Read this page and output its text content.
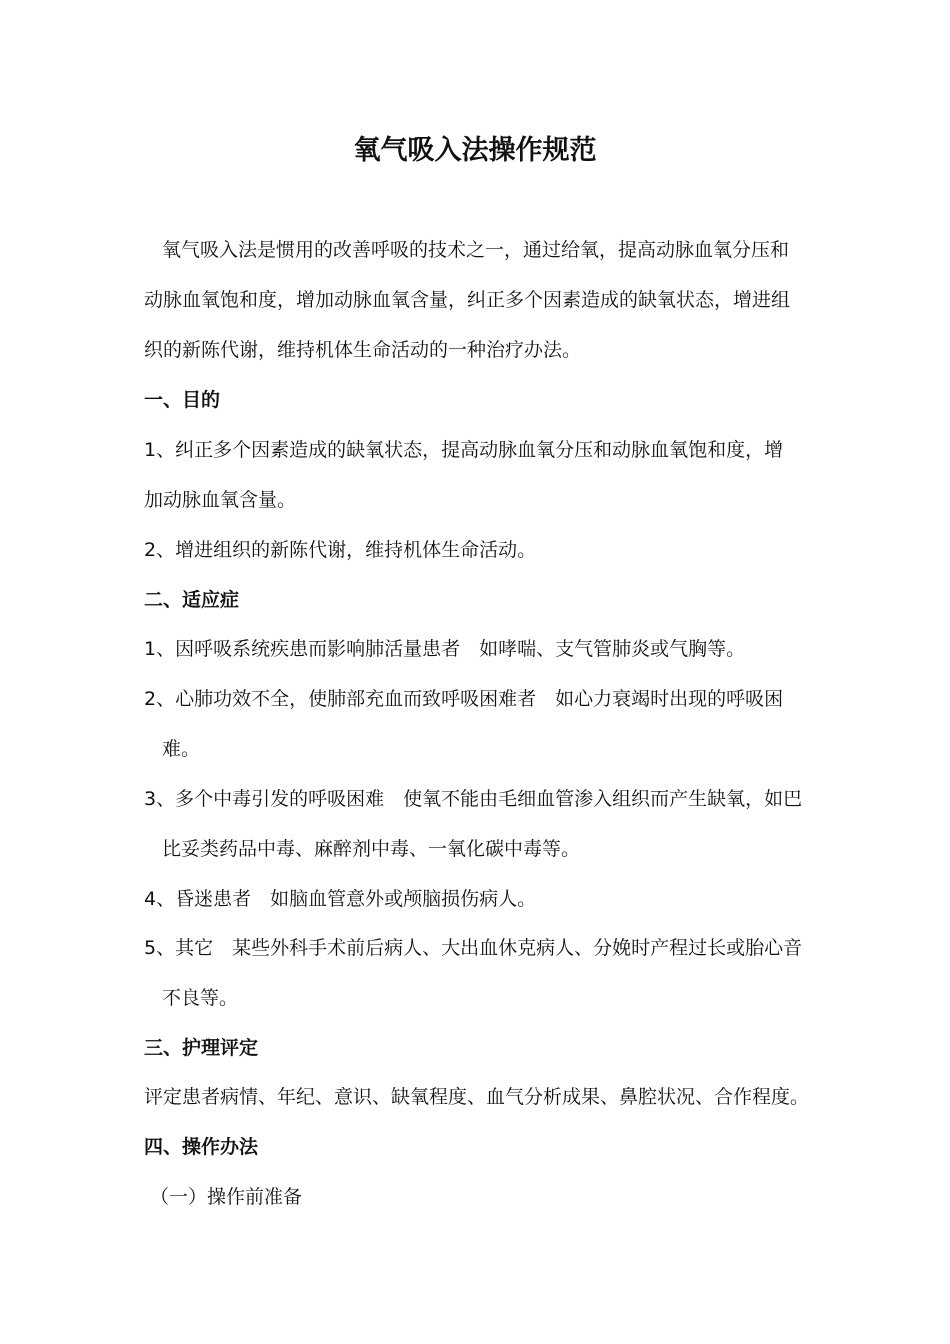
氧气吸入法操作规范
氧气吸入法是惯用的改善呼吸的技术之一，通过给氧，提高动脉血氧分压和
动脉血氧饱和度，增加动脉血氧含量，纠正多个因素造成的缺氧状态，增进组
织的新陈代谢，维持机体生命活动的一种治疗办法。
一、目的
1、纠正多个因素造成的缺氧状态，提高动脉血氧分压和动脉血氧饱和度，增
加动脉血氧含量。
2、增进组织的新陈代谢，维持机体生命活动。
二、适应症
1、因呼吸系统疾患而影响肺活量患者　如哮喘、支气管肺炎或气胸等。
2、心肺功效不全，使肺部充血而致呼吸困难者　如心力衰竭时出现的呼吸困
难。
3、多个中毒引发的呼吸困难　使氧不能由毛细血管渗入组织而产生缺氧，如巴
比妥类药品中毒、麻醉剂中毒、一氧化碳中毒等。
4、昏迷患者　如脑血管意外或颅脑损伤病人。
5、其它　某些外科手术前后病人、大出血休克病人、分娩时产程过长或胎心音
不良等。
三、护理评定
评定患者病情、年纪、意识、缺氧程度、血气分析成果、鼻腔状况、合作程度。
四、操作办法
（一）操作前准备
